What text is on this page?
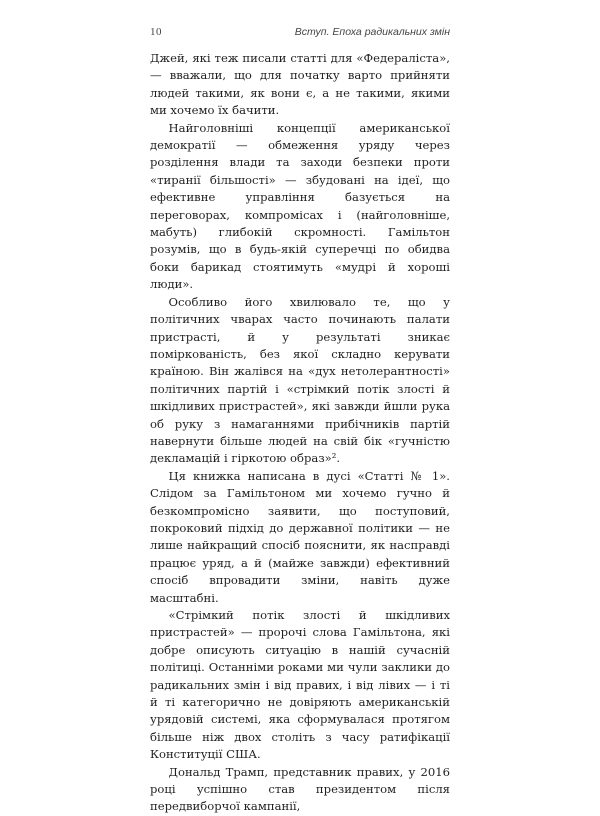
10	Вступ. Епоха радикальних змін

Джей, які теж писали статті для «Федераліста», — вважали, що для початку варто прийняти людей такими, як вони є, а не такими, якими ми хочемо їх бачити.

Найголовніші концепції американської демократії — обмеження уряду через розділення влади та заходи безпеки проти «тиранії більшості» — збудовані на ідеї, що ефективне управління базується на переговорах, компромісах і (найголовніше, мабуть) глибокій скромності. Гамільтон розумів, що в будь-якій суперечці по обидва боки барикад стоятимуть «мудрі й хороші люди».

Особливо його хвилювало те, що у політичних чварах часто починають палати пристрасті, й у результаті зникає поміркованість, без якої складно керувати країною. Він жалівся на «дух нетолерантності» політичних партій і «стрімкий потік злості й шкідливих пристрастей», які завжди йшли рука об руку з намаганнями прибічників партій навернути більше людей на свій бік «гучністю декламацій і гіркотою образ»².

Ця книжка написана в дусі «Статті № 1». Слідом за Гамільтоном ми хочемо гучно й безкомпромісно заявити, що поступовий, покроковий підхід до державної політики — не лише найкращий спосіб пояснити, як насправді працює уряд, а й (майже завжди) ефективний спосіб впровадити зміни, навіть дуже масштабні.

«Стрімкий потік злості й шкідливих пристрастей» — пророчі слова Гамільтона, які добре описують ситуацію в нашій сучасній політиці. Останніми роками ми чули заклики до радикальних змін і від правих, і від лівих — і ті й ті категорично не довіряють американській урядовій системі, яка сформувалася протягом більше ніж двох століть з часу ратифікації Конституції США.

Дональд Трамп, представник правих, у 2016 році успішно став президентом після передвиборчої кампанії,
